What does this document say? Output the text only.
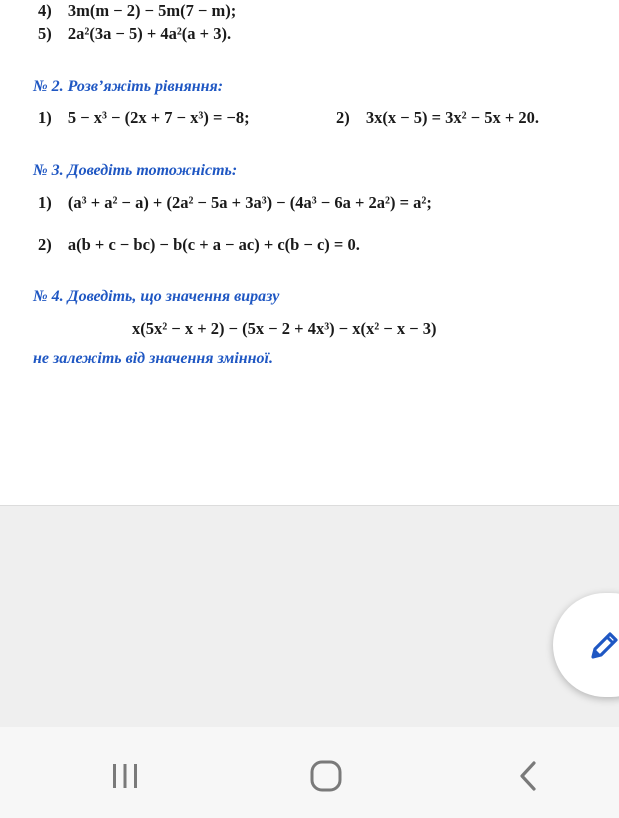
4) 3m(m − 2) − 5m(7 − m);
5) 2a²(3a − 5) + 4a²(a + 3).
№ 2. Розв’яжіть рівняння:
1) 5 − x³ − (2x + 7 − x³) = −8;	2) 3x(x − 5) = 3x² − 5x + 20.
№ 3. Доведіть тотожність:
1) (a³ + a² − a) + (2a² − 5a + 3a³) − (4a³ − 6a + 2a²) = a²;
2) a(b + c − bc) − b(c + a − ac) + c(b − c) = 0.
№ 4. Доведіть, що значення виразу
x(5x² − x + 2) − (5x − 2 + 4x³) − x(x² − x − 3)
не залежіть від значення змінної.
